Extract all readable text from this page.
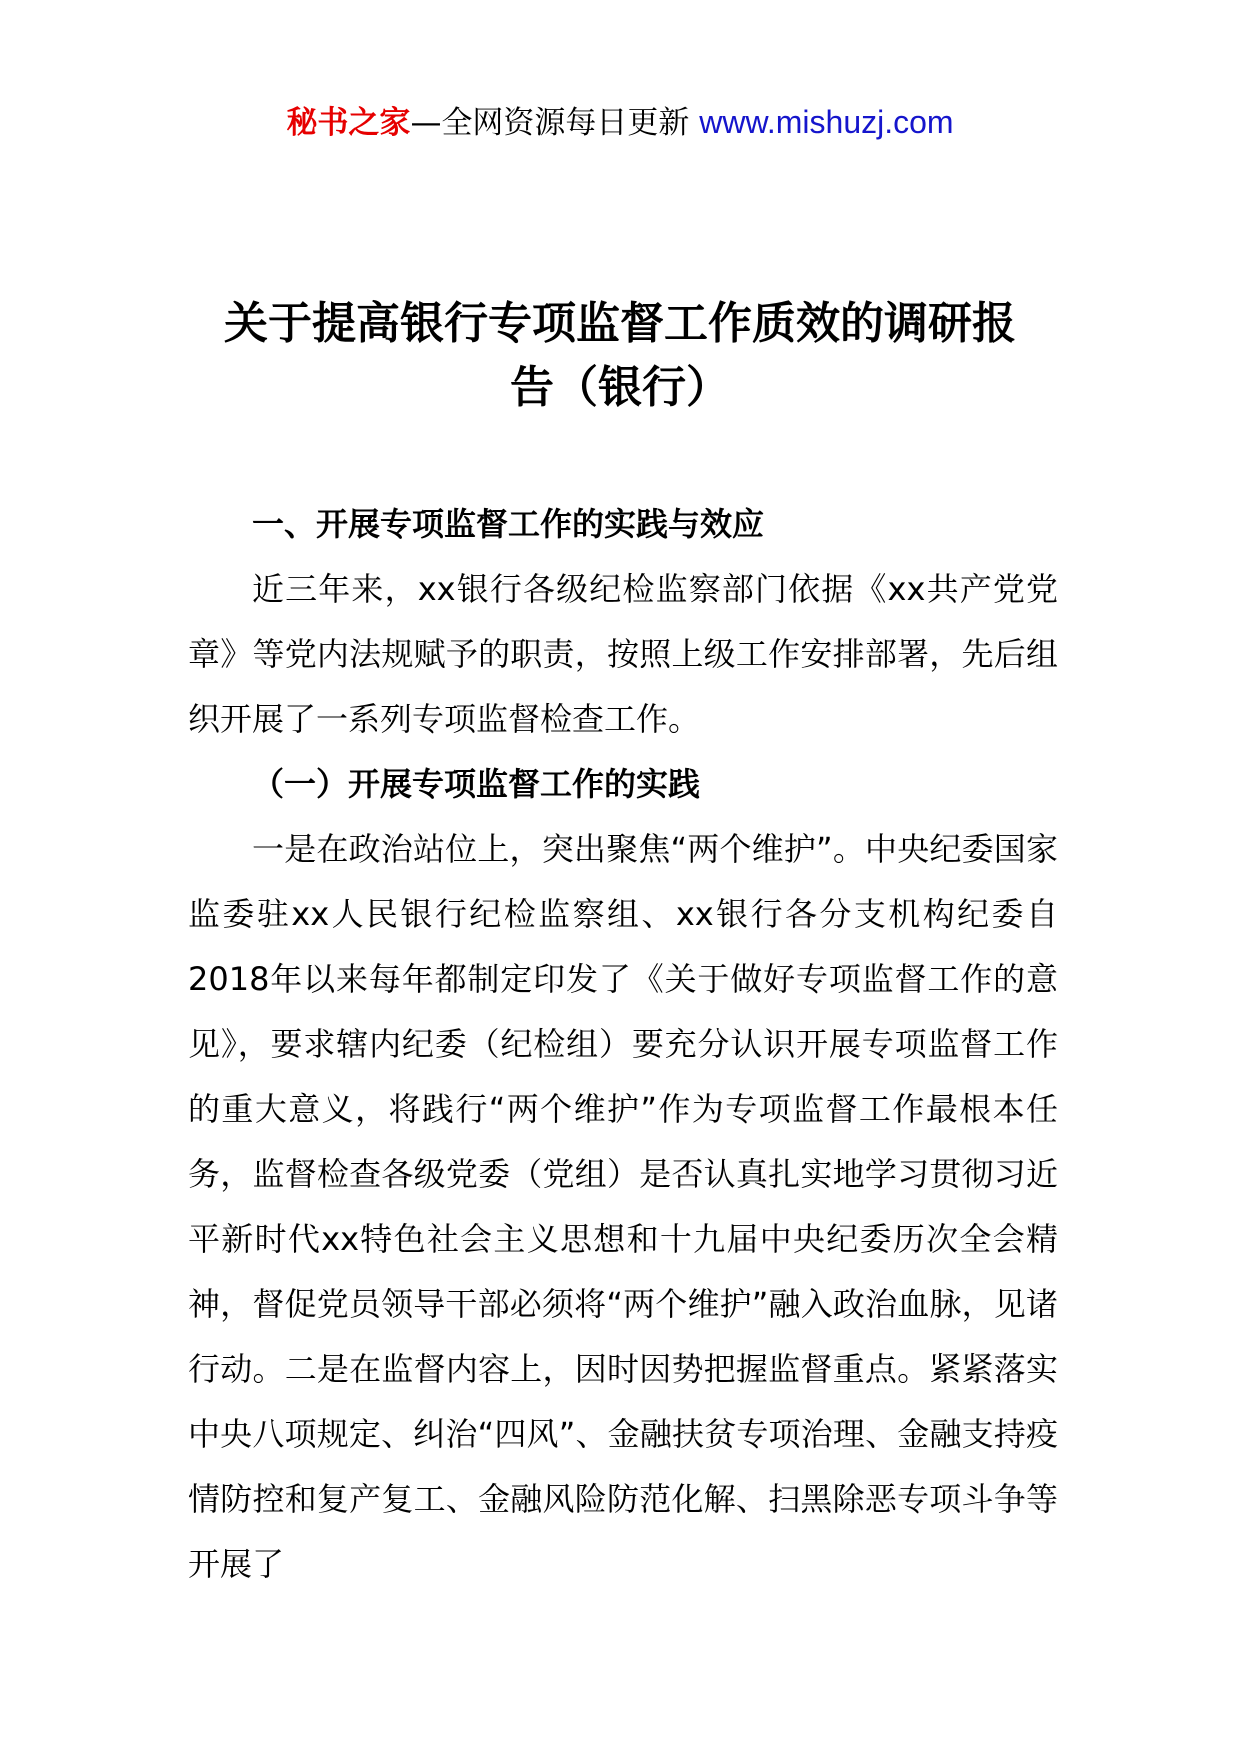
秘书之家—全网资源每日更新 www.mishuzj.com
关于提高银行专项监督工作质效的调研报
告（银行）

一、开展专项监督工作的实践与效应

近三年来，xx银行各级纪检监察部门依据《xx共产党党章》等党内法规赋予的职责，按照上级工作安排部署，先后组织开展了一系列专项监督检查工作。

（一）开展专项监督工作的实践

一是在政治站位上，突出聚焦“两个维护”。中央纪委国家监委驻xx人民银行纪检监察组、xx银行各分支机构纪委自2018年以来每年都制定印发了《关于做好专项监督工作的意见》，要求辖内纪委（纪检组）要充分认识开展专项监督工作的重大意义，将践行“两个维护”作为专项监督工作最根本任务，监督检查各级党委（党组）是否认真扎实地学习贯彻习近平新时代xx特色社会主义思想和十九届中央纪委历次全会精神，督促党员领导干部必须将“两个维护”融入政治血脉，见诸行动。二是在监督内容上，因时因势把握监督重点。紧紧落实中央八项规定、纠治“四风”、金融扶贫专项治理、金融支持疫情防控和复产复工、金融风险防范化解、扫黑除恶专项斗争等开展了
